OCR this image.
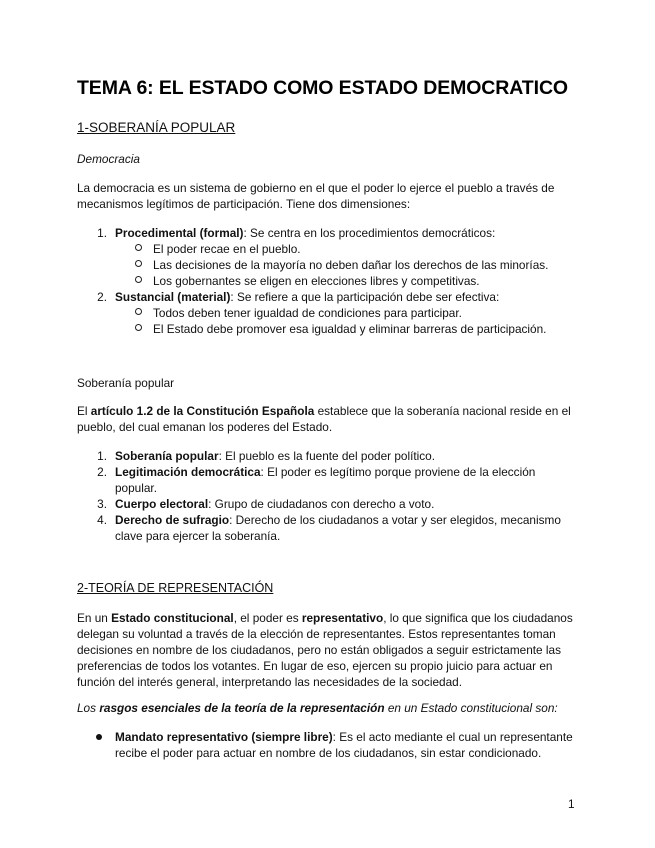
TEMA 6: EL ESTADO COMO ESTADO DEMOCRATICO
1-SOBERANÍA POPULAR
Democracia
La democracia es un sistema de gobierno en el que el poder lo ejerce el pueblo a través de
mecanismos legítimos de participación. Tiene dos dimensiones:
1. Procedimental (formal): Se centra en los procedimientos democráticos:
El poder recae en el pueblo.
Las decisiones de la mayoría no deben dañar los derechos de las minorías.
Los gobernantes se eligen en elecciones libres y competitivas.
2. Sustancial (material): Se refiere a que la participación debe ser efectiva:
Todos deben tener igualdad de condiciones para participar.
El Estado debe promover esa igualdad y eliminar barreras de participación.
Soberanía popular
El artículo 1.2 de la Constitución Española establece que la soberanía nacional reside en el
pueblo, del cual emanan los poderes del Estado.
1. Soberanía popular: El pueblo es la fuente del poder político.
2. Legitimación democrática: El poder es legítimo porque proviene de la elección
popular.
3. Cuerpo electoral: Grupo de ciudadanos con derecho a voto.
4. Derecho de sufragio: Derecho de los ciudadanos a votar y ser elegidos, mecanismo
clave para ejercer la soberanía.
2-TEORÍA DE REPRESENTACIÓN
En un Estado constitucional, el poder es representativo, lo que significa que los ciudadanos
delegan su voluntad a través de la elección de representantes. Estos representantes toman
decisiones en nombre de los ciudadanos, pero no están obligados a seguir estrictamente las
preferencias de todos los votantes. En lugar de eso, ejercen su propio juicio para actuar en
función del interés general, interpretando las necesidades de la sociedad.
Los rasgos esenciales de la teoría de la representación en un Estado constitucional son:
Mandato representativo (siempre libre): Es el acto mediante el cual un representante
recibe el poder para actuar en nombre de los ciudadanos, sin estar condicionado.
1
